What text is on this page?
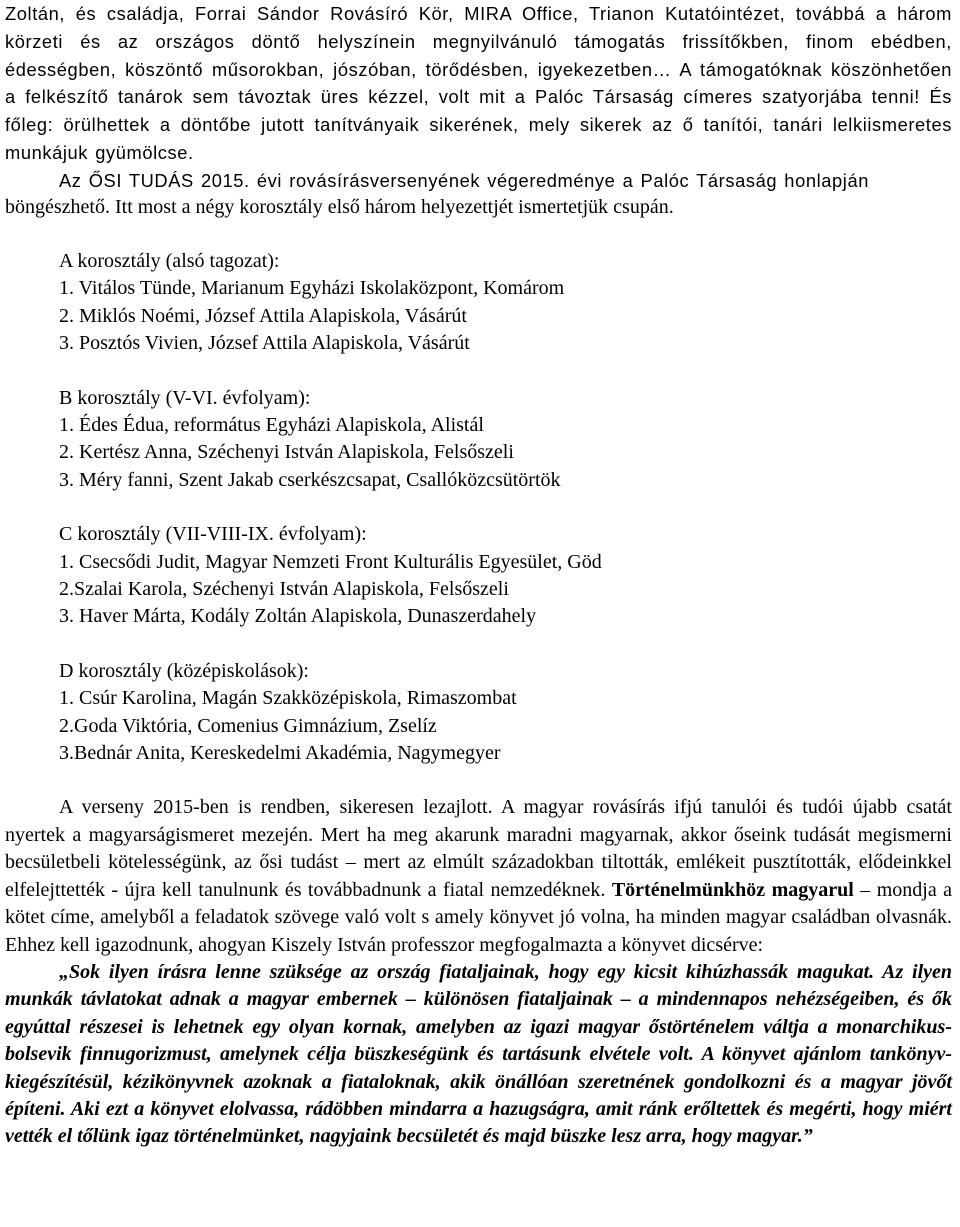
Zoltán, és családja, Forrai Sándor Rovásíró Kör, MIRA Office, Trianon Kutatóintézet, továbbá a három körzeti és az országos döntő helyszínein megnyilvánuló támogatás frissítőkben, finom ebédben, édességben, köszöntő műsorokban, jószóban, törődésben, igyekezetben… A támogatóknak köszönhetően a felkészítő tanárok sem távoztak üres kézzel, volt mit a Palóc Társaság címeres szatyorjába tenni! És főleg: örülhettek a döntőbe jutott tanítványaik sikerének, mely sikerek az ő tanítói, tanári lelkiismeretes munkájuk gyümölcse.

Az ŐSI TUDÁS 2015. évi rovásírásversenyének végeredménye a Palóc Társaság honlapján

böngészhető. Itt most a négy korosztály első három helyezettjét ismertetjük csupán.

A korosztály (alsó tagozat):

1. Vitálos Tünde, Marianum Egyházi Iskolaközpont, Komárom

2. Miklós Noémi, József Attila Alapiskola, Vásárút

3. Posztós Vivien, József Attila Alapiskola, Vásárút

B korosztály (V-VI. évfolyam):

1. Édes Édua, református Egyházi Alapiskola, Alistál

2. Kertész Anna, Széchenyi István Alapiskola, Felsőszeli

3. Méry fanni, Szent Jakab cserkészcsapat, Csallóközcsütörtök

C korosztály (VII-VIII-IX. évfolyam):

1. Csecsődi Judit, Magyar Nemzeti Front Kulturális Egyesület, Göd

2.Szalai Karola, Széchenyi István Alapiskola, Felsőszeli

3. Haver Márta, Kodály Zoltán Alapiskola, Dunaszerdahely

D korosztály (középiskolások):

1. Csúr Karolina, Magán Szakközépiskola, Rimaszombat

2.Goda Viktória, Comenius Gimnázium, Zselíz

3.Bednár Anita, Kereskedelmi Akadémia, Nagymegyer

A verseny 2015-ben is rendben, sikeresen lezajlott. A magyar rovásírás ifjú tanulói és tudói újabb csatát nyertek a magyarságismeret mezején. Mert ha meg akarunk maradni magyarnak, akkor őseink tudását megismerni becsületbeli kötelességünk, az ősi tudást – mert az elmúlt századokban tiltották, emlékeit pusztították, elődeinkkel elfelejttették - újra kell tanulnunk és továbbadnunk a fiatal nemzedéknek. Történelmünkhöz magyarul – mondja a kötet címe, amelyből a feladatok szövege való volt s amely könyvet jó volna, ha minden magyar családban olvasnák. Ehhez kell igazodnunk, ahogyan Kiszely István professzor megfogalmazta a könyvet dicsérve:

„Sok ilyen írásra lenne szüksége az ország fiataljainak, hogy egy kicsit kihúzhassák magukat. Az ilyen munkák távlatokat adnak a magyar embernek – különösen fiataljainak – a mindennapos nehézségeiben, és ők egyúttal részesei is lehetnek egy olyan kornak, amelyben az igazi magyar őstörténelem váltja a monarchikus-bolsevik finnugorizmust, amelynek célja büszkeségünk és tartásunk elvétele volt. A könyvet ajánlom tankönyv-kiegészítésül, kézikönyvnek azoknak a fiataloknak, akik önállóan szeretnének gondolkozni és a magyar jövőt építeni. Aki ezt a könyvet elolvassa, rádöbben mindarra a hazugságra, amit ránk erőltettek és megérti, hogy miért vették el tőlünk igaz történelmünket, nagyjaink becsületét és majd büszke lesz arra, hogy magyar.”
